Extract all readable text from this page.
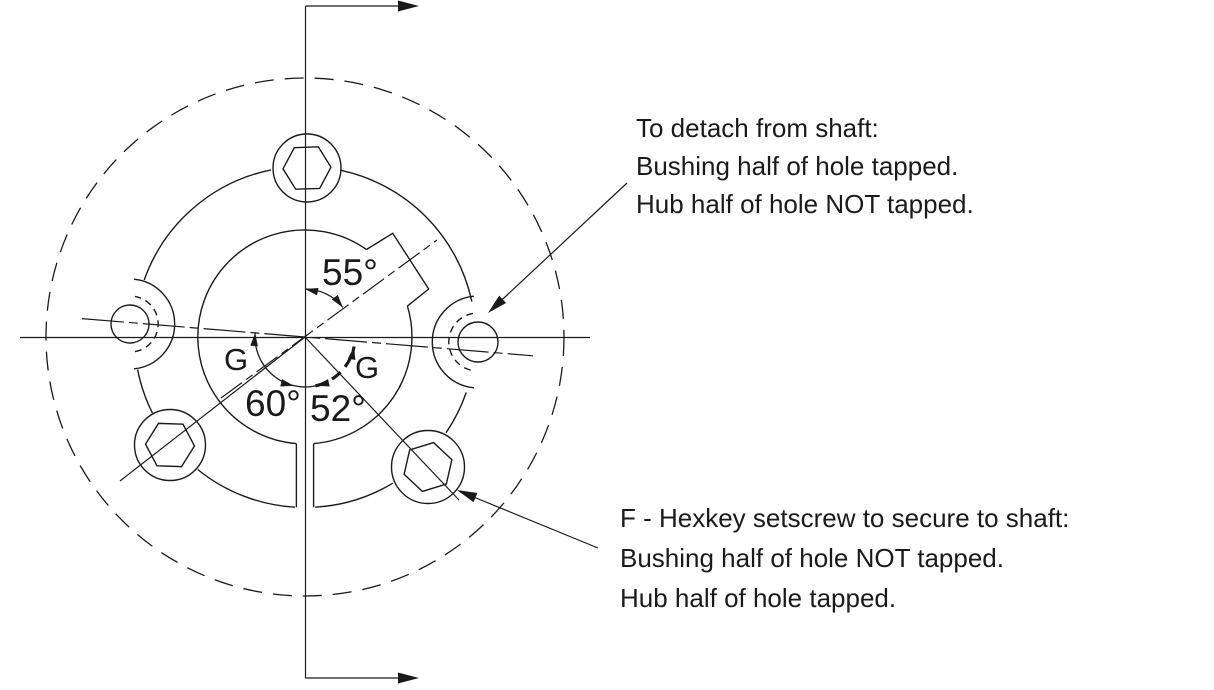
55°
60° 52°
G	G
To detach from shaft:
Bushing half of hole tapped.
Hub half of hole NOT tapped.
F - Hexkey setscrew to secure to shaft:
Bushing half of hole NOT tapped.
Hub half of hole tapped.
